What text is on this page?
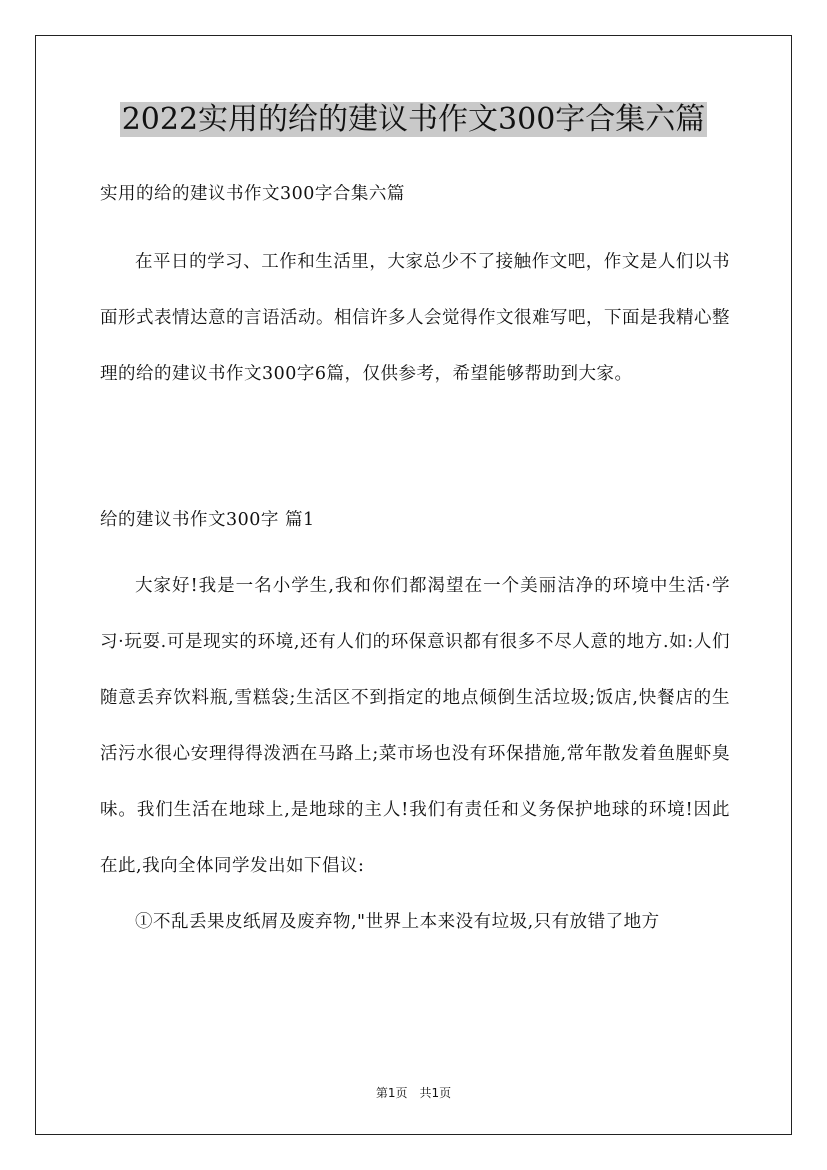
2022实用的给的建议书作文300字合集六篇

实用的给的建议书作文300字合集六篇

在平日的学习、工作和生活里，大家总少不了接触作文吧，作文是人们以书面形式表情达意的言语活动。相信许多人会觉得作文很难写吧，下面是我精心整理的给的建议书作文300字6篇，仅供参考，希望能够帮助到大家。

给的建议书作文300字 篇1

大家好!我是一名小学生,我和你们都渴望在一个美丽洁净的环境中生活·学习·玩耍.可是现实的环境,还有人们的环保意识都有很多不尽人意的地方.如:人们随意丢弃饮料瓶,雪糕袋;生活区不到指定的地点倾倒生活垃圾;饭店,快餐店的生活污水很心安理得得泼洒在马路上;菜市场也没有环保措施,常年散发着鱼腥虾臭味。我们生活在地球上,是地球的主人!我们有责任和义务保护地球的环境!因此在此,我向全体同学发出如下倡议:

①不乱丢果皮纸屑及废弃物,"世界上本来没有垃圾,只有放错了地方

第1页 共1页
